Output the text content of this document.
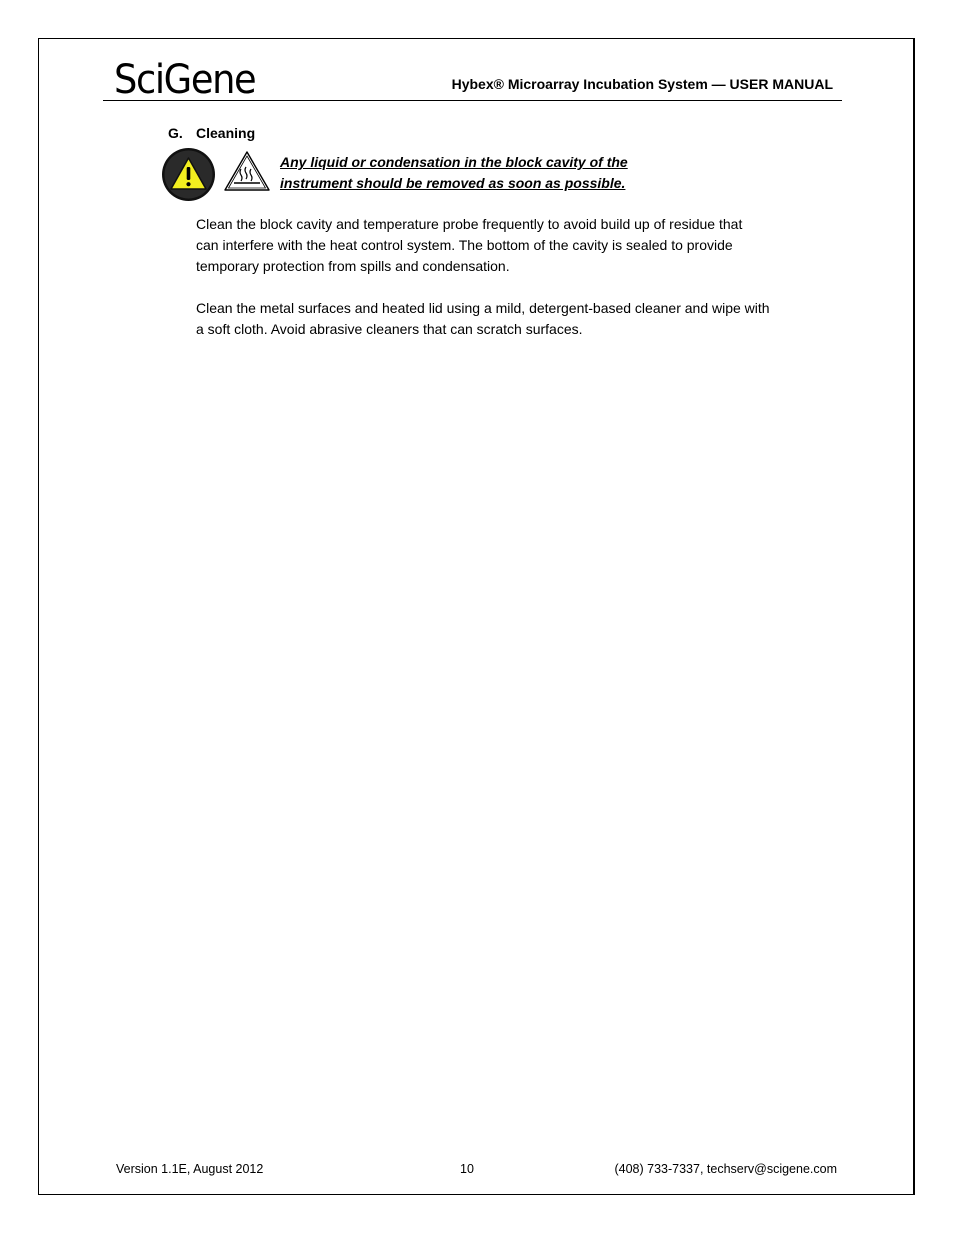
SciGene	Hybex® Microarray Incubation System — USER MANUAL
G. Cleaning
Any liquid or condensation in the block cavity of the
instrument should be removed as soon as possible.
Clean the block cavity and temperature probe frequently to avoid build up of residue that
can interfere with the heat control system. The bottom of the cavity is sealed to provide
temporary protection from spills and condensation.
Clean the metal surfaces and heated lid using a mild, detergent-based cleaner and wipe with
a soft cloth. Avoid abrasive cleaners that can scratch surfaces.
Version 1.1E, August 2012	10	(408) 733-7337, techserv@scigene.com
